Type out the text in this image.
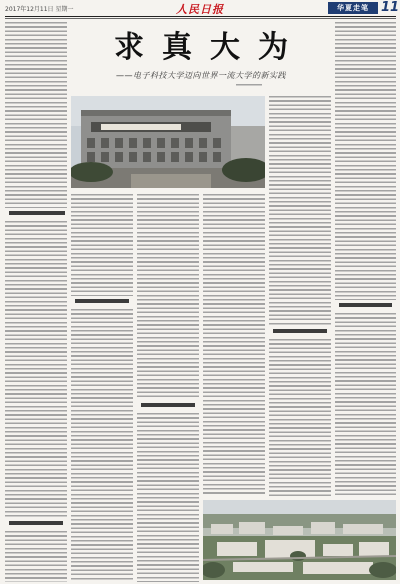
2017年12月11日 星期一	人民日报	华夏走笔 11
求真大为
——电子科技大学迈向世界一流大学的新实践
